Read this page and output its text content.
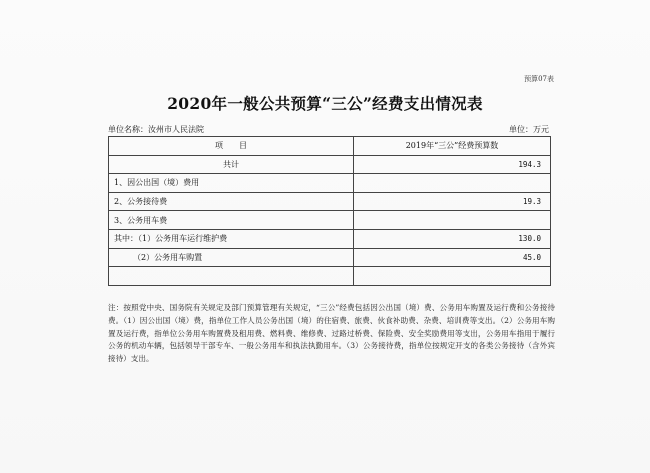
预算07表
2020年一般公共预算“三公”经费支出情况表
单位名称：汝州市人民法院	单位：万元
项　　目	2019年“三公”经费预算数
共计	194.3
1、因公出国（境）费用	
2、公务接待费	19.3
3、公务用车费	
其中：（1）公务用车运行维护费	130.0
（2）公务用车购置	45.0

注：按照党中央、国务院有关规定及部门预算管理有关规定，“三公”经费包括因公出国（境）费、公务用车购置及运行费和公务接待费。（1）因公出国（境）费，指单位工作人员公务出国（境）的住宿费、旅费、伙食补助费、杂费、培训费等支出。（2）公务用车购置及运行费，指单位公务用车购置费及租用费、燃料费、维修费、过路过桥费、保险费、安全奖励费用等支出，公务用车指用于履行公务的机动车辆，包括领导干部专车、一般公务用车和执法执勤用车。（3）公务接待费，指单位按规定开支的各类公务接待（含外宾接待）支出。
